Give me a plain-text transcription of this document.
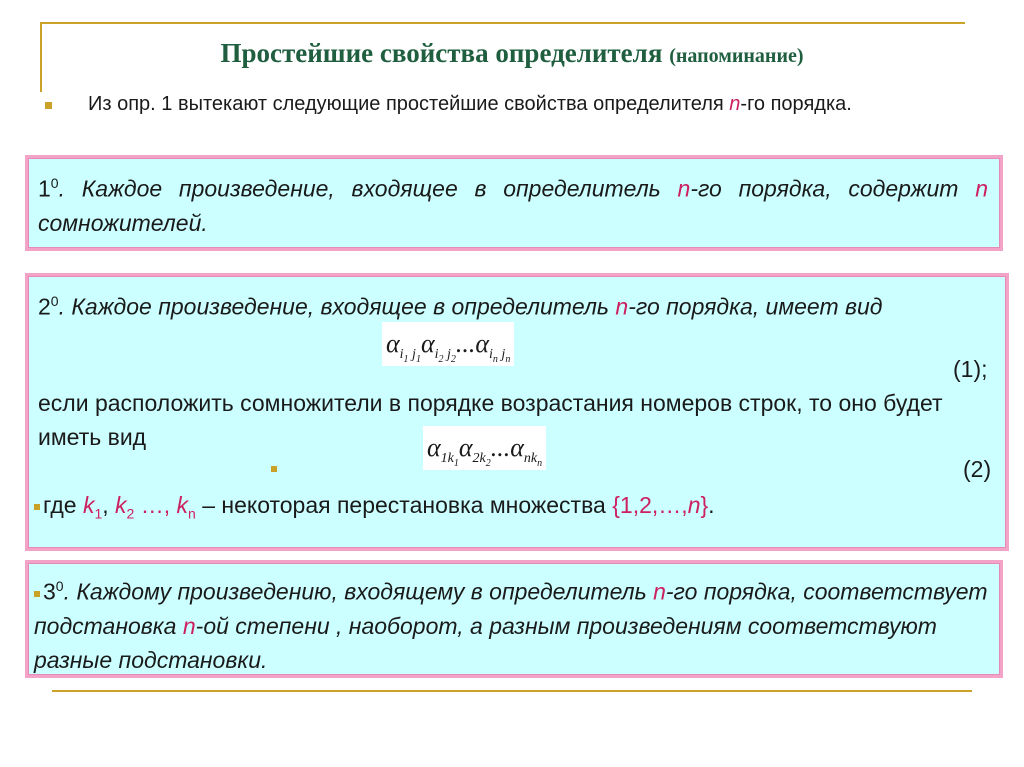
Простейшие свойства определителя (напоминание)
Из опр. 1 вытекают следующие простейшие свойства определителя n-го порядка.
$1^0$. Каждое произведение, входящее в определитель n-го порядка, содержит n сомножителей.
$2^0$. Каждое произведение, входящее в определитель n-го порядка, имеет вид
$\alpha_{i_1 j_1}\alpha_{i_2 j_2}...\alpha_{i_n j_n}$	(1);
если расположить сомножители в порядке возрастания номеров строк, то оно будет иметь вид	$\alpha_{1k_1}\alpha_{2k_2}...\alpha_{nk_n}$	(2)
где $k_1$, $k_2$ …, $k_n$ – некоторая перестановка множества {1,2,…,n}.
$3^0$. Каждому произведению, входящему в определитель n-го порядка, соответствует подстановка n-ой степени , наоборот, а разным произведениям соответствуют разные подстановки.
